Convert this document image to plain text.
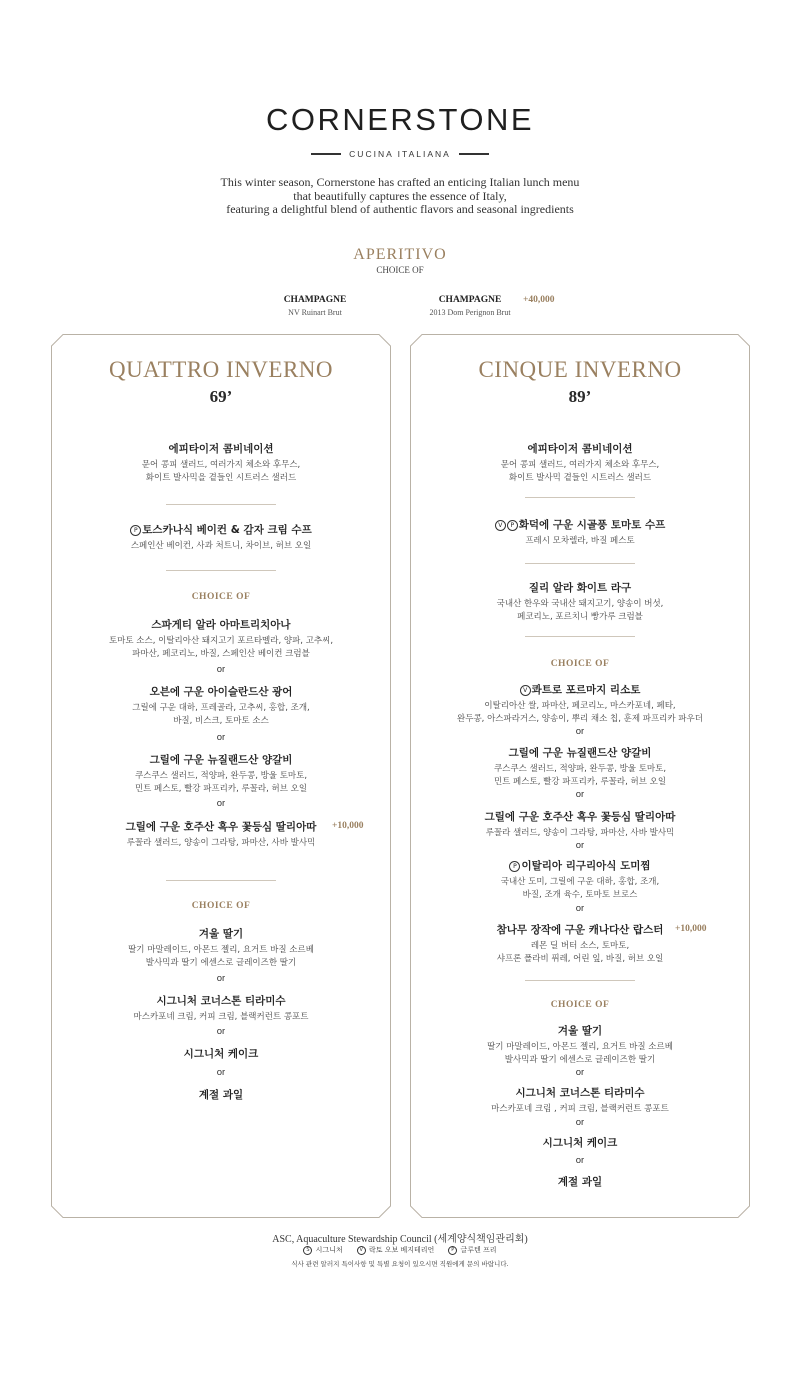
CORNERSTONE
CUCINA ITALIANA
This winter season, Cornerstone has crafted an enticing Italian lunch menu
that beautifully captures the essence of Italy,
featuring a delightful blend of authentic flavors and seasonal ingredients
APERITIVO
CHOICE OF
CHAMPAGNE
NV Ruinart Brut
CHAMPAGNE
2013 Dom Perignon Brut
+40,000
QUATTRO INVERNO
69’
에피타이저 콤비네이션
문어 콩피 샐러드, 여러가지 체소와 후무스,
화이트 발사믹을 곁들인 시트러스 샐러드
P 토스카나식 베이컨 & 감자 크림 수프
스페인산 베이컨, 사과 처트니, 차이브, 허브 오일
CHOICE OF
스파게티 알라 아마트리치아나
토마토 소스, 이탈리아산 돼지고기 포르타멜라, 양파, 고추씨,
파마산, 페코리노, 바질, 스페인산 베이컨 크럼블
or
오븐에 구운 아이슬란드산 광어
그릴에 구운 대하, 프레골라, 고추씨, 홍합, 조개,
바질, 비스크, 토마토 소스
or
그릴에 구운 뉴질랜드산 양갈비
쿠스쿠스 샐러드, 적양파, 완두콩, 방울 토마토,
민트 페스토, 빨강 파프리카, 루꼴라, 허브 오일
or
그릴에 구운 호주산 흑우 꽃등심 딸리아따
루꼴라 샐러드, 양송이 그라탕, 파마산, 사바 발사믹
+10,000
CHOICE OF
겨울 딸기
딸기 마말레이드, 아몬드 젤리, 요거트 바질 소르베
발사믹과 딸기 에센스로 글레이즈한 딸기
or
시그니처 코너스톤 티라미수
마스카포네 크림, 커피 크림, 블랙커런트 콩포트
or
시그니처 케이크
or
계절 과일
CINQUE INVERNO
89’
에피타이저 콤비네이션
문어 콩피 샐러드, 여러가지 체소와 후무스,
화이트 발사믹 곁들인 시트러스 샐러드
V P 화덕에 구운 시골풍 토마토 수프
프레시 모차렐라, 바질 페스토
질리 알라 화이트 라구
국내산 한우와 국내산 돼지고기, 양송이 버섯,
페코리노, 포르치니 빵가루 크럼블
CHOICE OF
V 콰트로 포르마지 리소토
이탈리아산 쌀, 파마산, 페코리노, 마스카포네, 페타,
완두콩, 아스파라거스, 양송이, 뿌리 채소 칩, 훈제 파프리카 파우더
or
그릴에 구운 뉴질랜드산 양갈비
쿠스쿠스 샐러드, 적양파, 완두콩, 방울 토마토,
민트 페스토, 빨강 파프리카, 루꼴라, 허브 오일
or
그릴에 구운 호주산 흑우 꽃등심 딸리아따
루꼴라 샐러드, 양송이 그라탕, 파마산, 사바 발사믹
or
P 이탈리아 리구리아식 도미찜
국내산 도미, 그릴에 구운 대하, 홍합, 조개,
바질, 조개 육수, 토마토 브로스
or
참나무 장작에 구운 캐나다산 랍스터
레몬 딜 버터 소스, 토마토,
샤프론 폴라비 퓌레, 어린 잎, 바질, 허브 오일
+10,000
CHOICE OF
겨울 딸기
딸기 마말레이드, 아몬드 젤리, 요거트 바질 소르베
발사믹과 딸기 에센스로 글레이즈한 딸기
or
시그니처 코너스톤 티라미수
마스카포네 크림 , 커피 크림, 블랙커런트 콩포트
or
시그니처 케이크
or
계절 과일
ASC, Aquaculture Stewardship Council (세계양식책임관리회)
S 시그니처	V 락토 오보 베지테리언	P 글루텐 프리
식사 관련 알러지 특이사항 및 특별 요청이 있으시면 직원에게 문의 바랍니다.
